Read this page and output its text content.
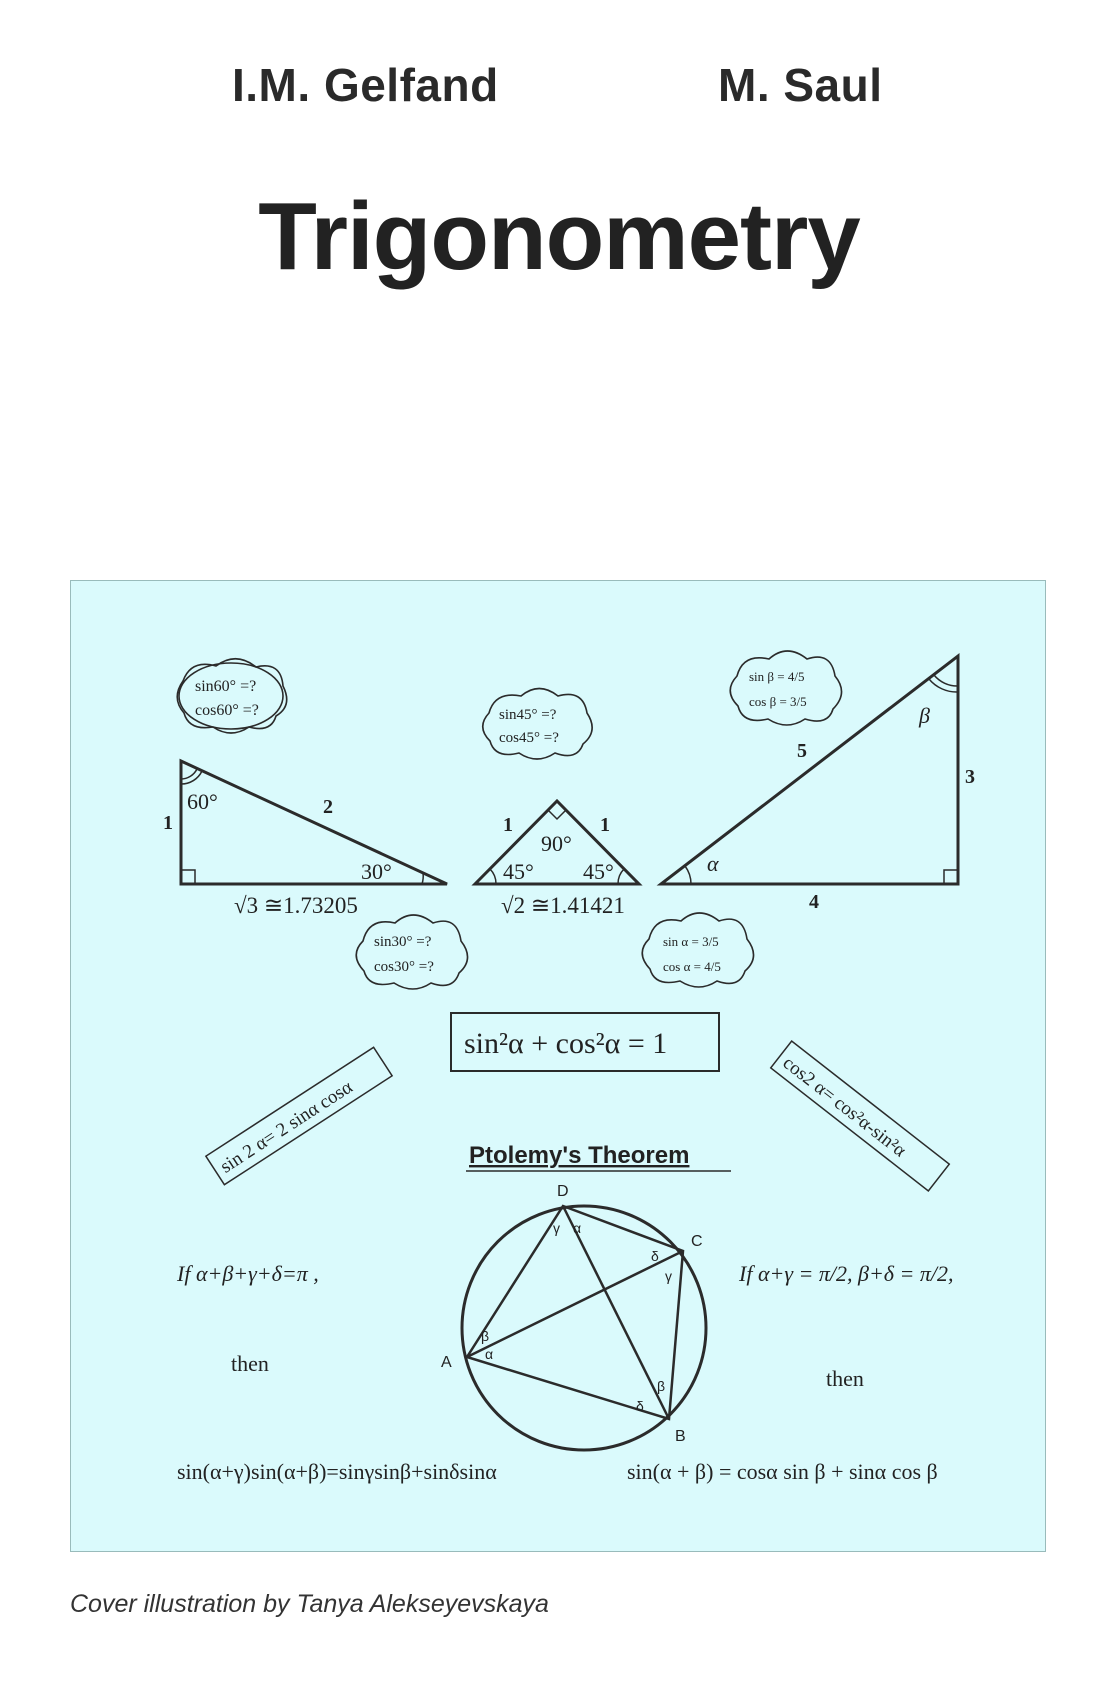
I.M. Gelfand	M. Saul
Trigonometry
60°
30°
1
2
√3 ≅1.73205
90°
45° 45°
1	1
√2 ≅1.41421
α
β
5
3
4
sin60° =?
cos60° =?	sin45° =?
cos45° =?
sin β = 4/5
cos β = 3/5
sin30° =?
cos30° =?
sin α = 3/5
cos α = 4/5
sin²α + cos²α = 1
sin 2 α= 2 sinα cosα	cos2 α= cos²α-sin²α
Ptolemy's Theorem
A
B
C
D
γ α
δ
γ
β
α
β
δ
If α+β+γ+δ=π ,
then
sin(α+γ)sin(α+β)=sinγsinβ+sinδsinα
If α+γ = π/2, β+δ = π/2,
then
sin(α + β) = cosα sin β + sinα cos β
Cover illustration by Tanya Alekseyevskaya
